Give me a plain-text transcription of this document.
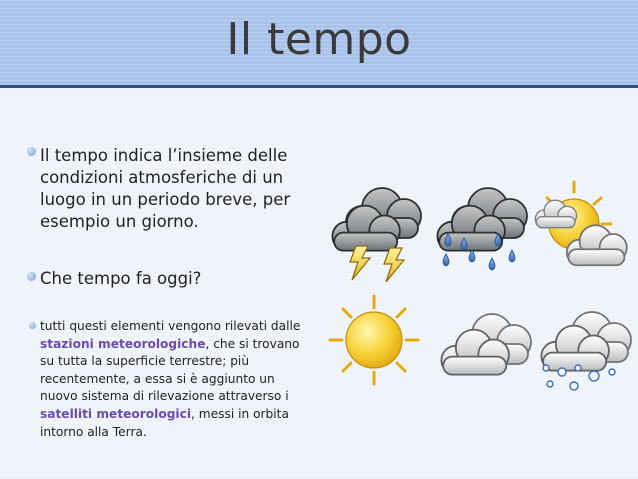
Il tempo
Il tempo indica l’insieme delle condizioni atmosferiche di un luogo in un periodo breve, per esempio un giorno.
Che tempo fa oggi?
tutti questi elementi vengono rilevati dalle stazioni meteorologiche, che si trovano su tutta la superficie terrestre; più recentemente, a essa si è aggiunto un nuovo sistema di rilevazione attraverso i satelliti meteorologici, messi in orbita intorno alla Terra.
